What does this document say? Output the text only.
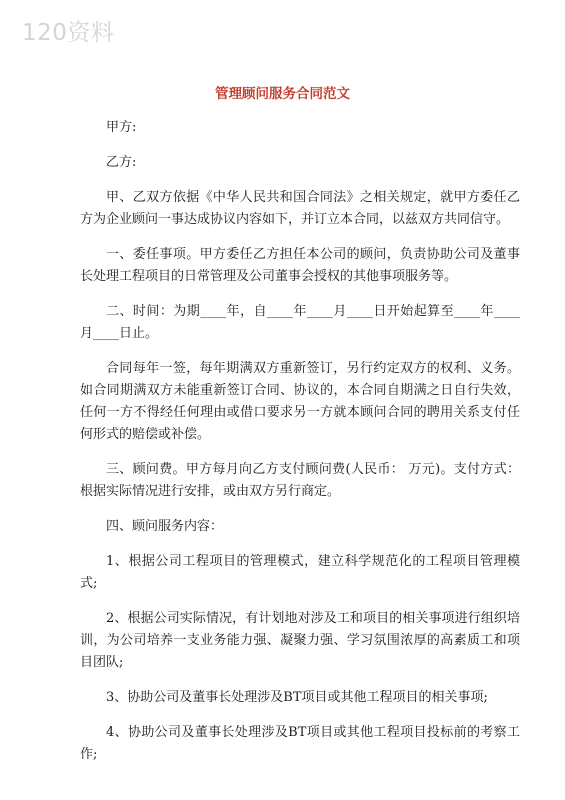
120资料
管理顾问服务合同范文

甲方:

乙方:

甲、乙双方依据《中华人民共和国合同法》之相关规定，就甲方委任乙方为企业顾问一事达成协议内容如下，并订立本合同，以兹双方共同信守。

一、委任事项。甲方委任乙方担任本公司的顾问，负责协助公司及董事长处理工程项目的日常管理及公司董事会授权的其他事项服务等。

二、时间：为期____年，自____年____月____日开始起算至____年____月____日止。

合同每年一签，每年期满双方重新签订，另行约定双方的权利、义务。如合同期满双方未能重新签订合同、协议的，本合同自期满之日自行失效，任何一方不得经任何理由或借口要求另一方就本顾问合同的聘用关系支付任何形式的赔偿或补偿。

三、顾问费。甲方每月向乙方支付顾问费(人民币： 万元)。支付方式：根据实际情况进行安排，或由双方另行商定。

四、顾问服务内容：

1、根据公司工程项目的管理模式，建立科学规范化的工程项目管理模式;

2、根据公司实际情况，有计划地对涉及工和项目的相关事项进行组织培训，为公司培养一支业务能力强、凝聚力强、学习氛围浓厚的高素质工和项目团队;

3、协助公司及董事长处理涉及BT项目或其他工程项目的相关事项;

4、协助公司及董事长处理涉及BT项目或其他工程项目投标前的考察工作;
